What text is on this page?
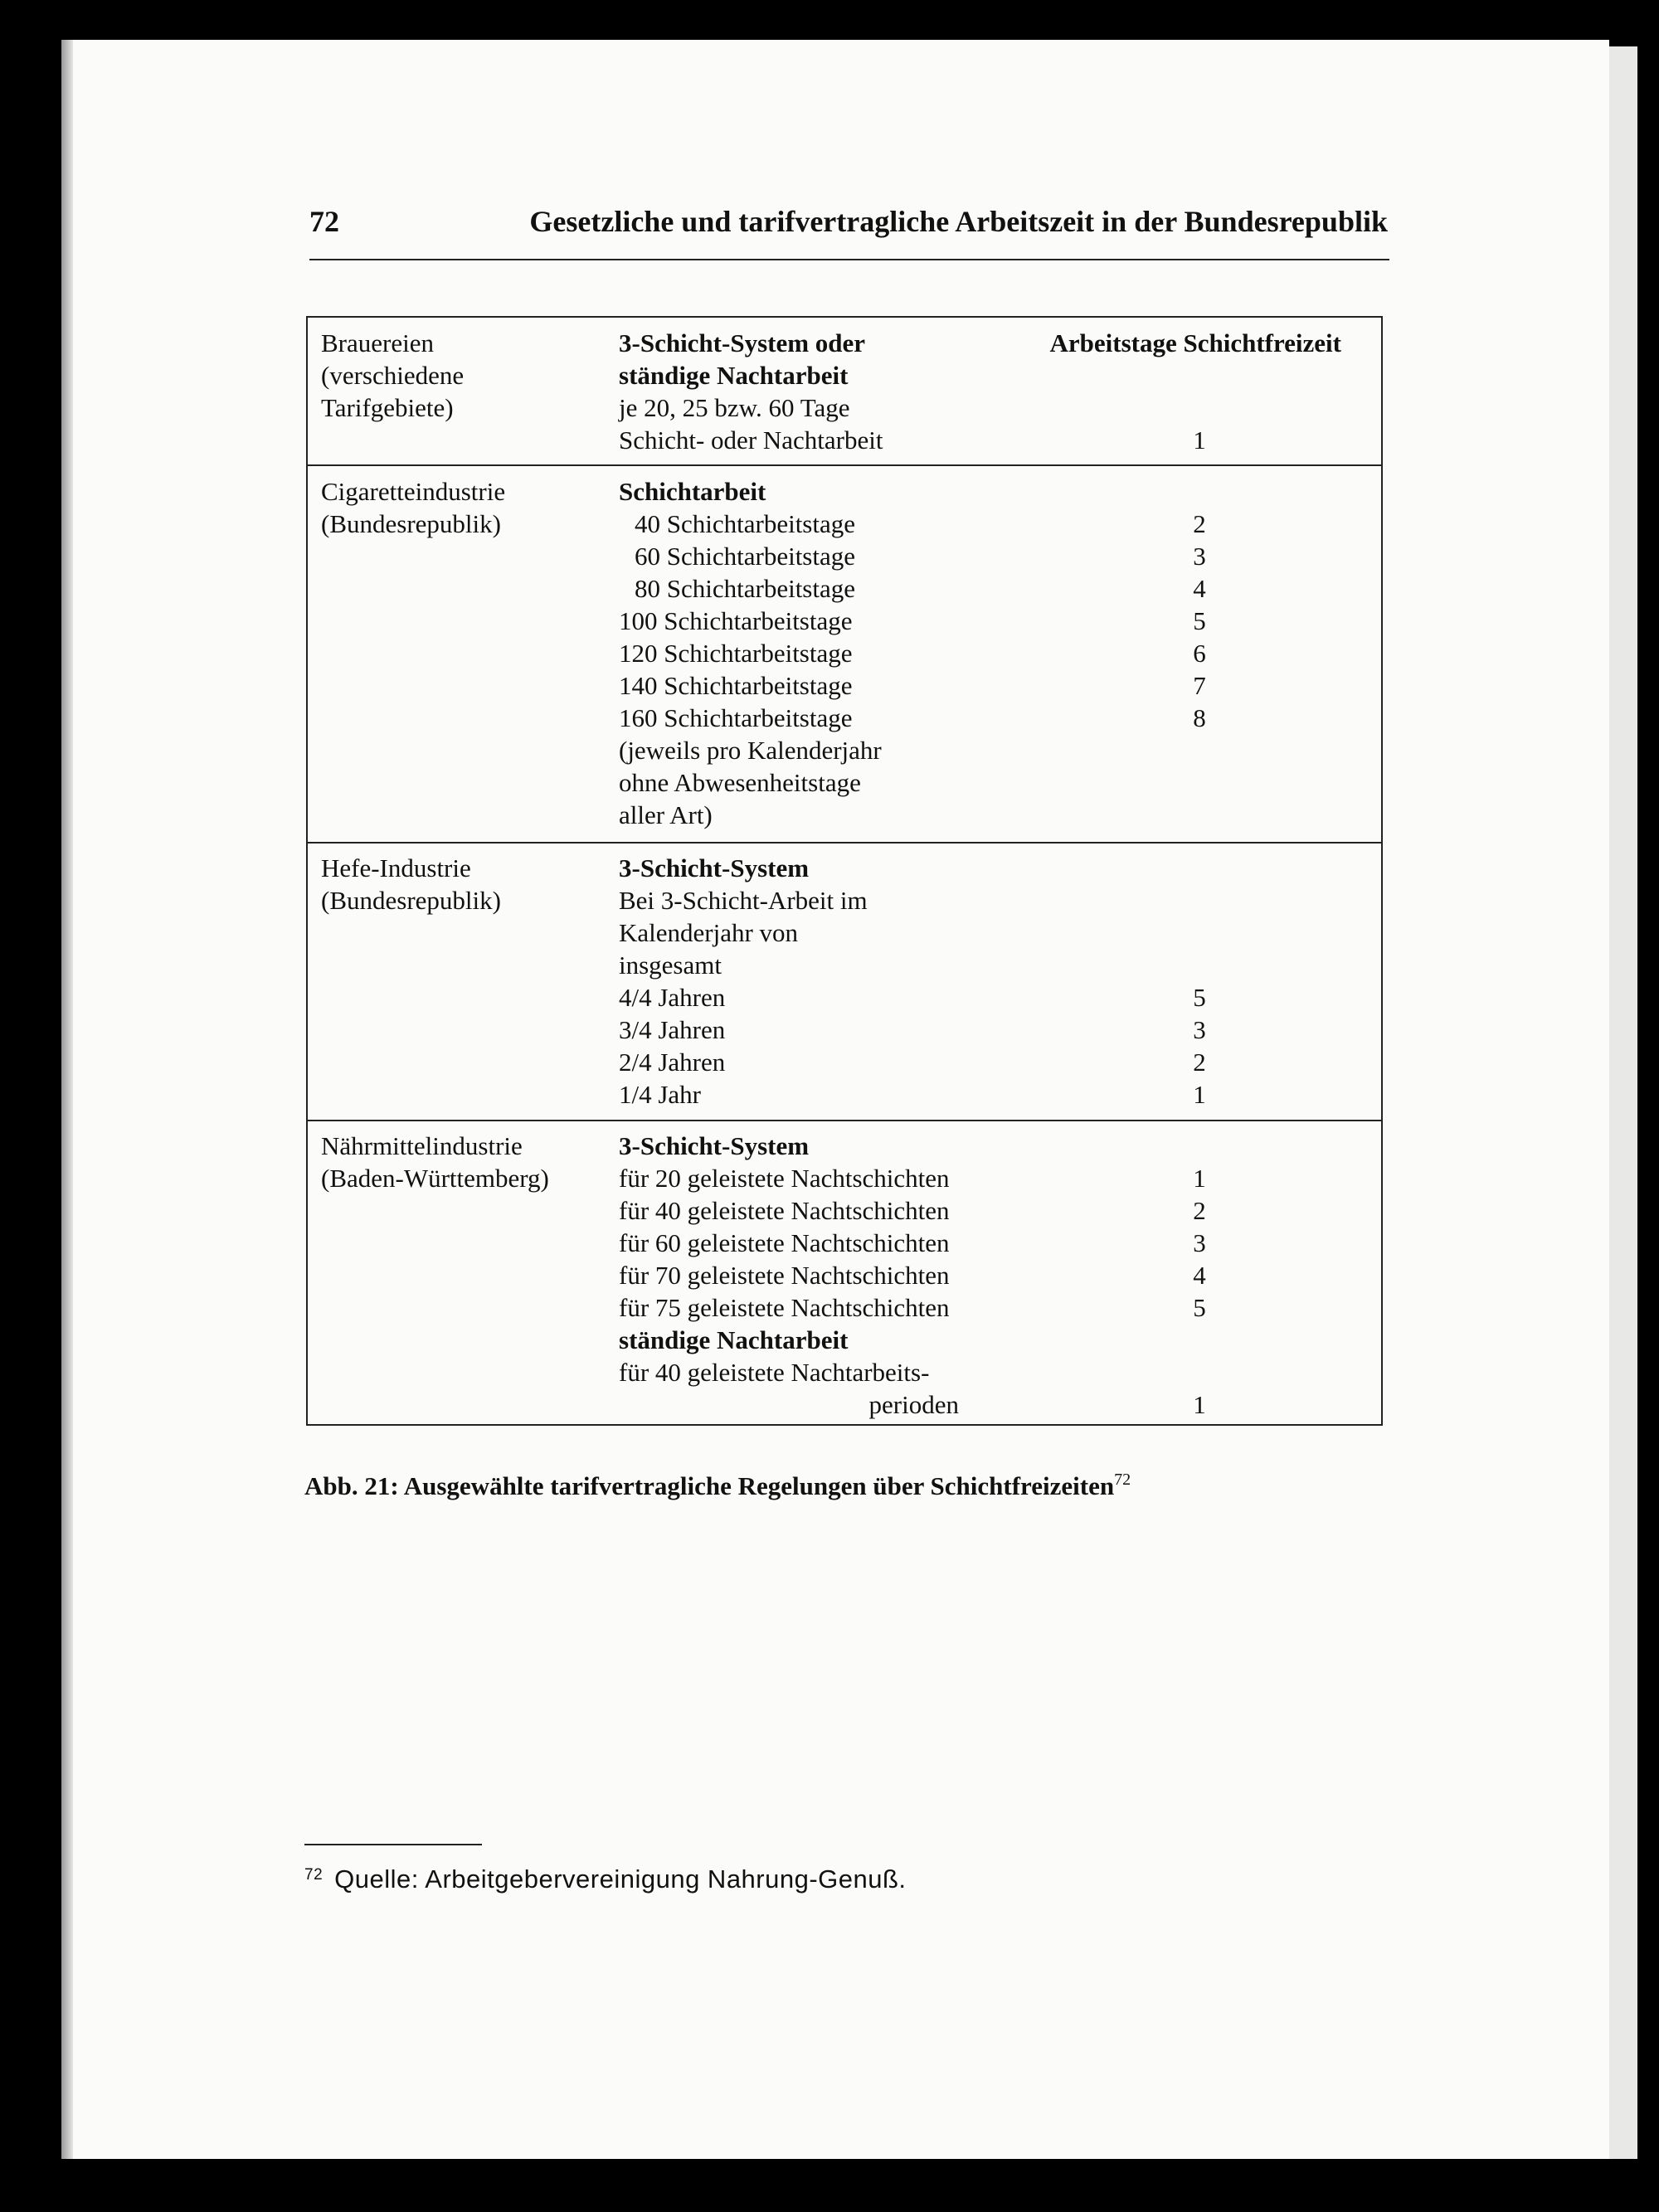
72	Gesetzliche und tarifvertragliche Arbeitszeit in der Bundesrepublik
Arbeitstage Schichtfreizeit
Brauereien
(verschiedene
Tarifgebiete)
3-Schicht-System oder
ständige Nachtarbeit
je 20, 25 bzw. 60 Tage
Schicht- oder Nachtarbeit

	1
Cigaretteindustrie
(Bundesrepublik)
Schichtarbeit
40 Schichtarbeitstage
60 Schichtarbeitstage
80 Schichtarbeitstage
100 Schichtarbeitstage
120 Schichtarbeitstage
140 Schichtarbeitstage
160 Schichtarbeitstage
(jeweils pro Kalenderjahr
ohne Abwesenheitstage
aller Art)

2
3
4
5
6
7
8
Hefe-Industrie
(Bundesrepublik)
3-Schicht-System
Bei 3-Schicht-Arbeit im
Kalenderjahr von
insgesamt
4/4 Jahren
3/4 Jahren
2/4 Jahren
1/4 Jahr

5
3
2
1
Nährmittelindustrie
(Baden-Württemberg)
3-Schicht-System
für 20 geleistete Nachtschichten
für 40 geleistete Nachtschichten
für 60 geleistete Nachtschichten
für 70 geleistete Nachtschichten
für 75 geleistete Nachtschichten
ständige Nachtarbeit
für 40 geleistete Nachtarbeits-
perioden

1
2
3
4
5

1
Abb. 21: Ausgewählte tarifvertragliche Regelungen über Schichtfreizeiten$^{72}$
$^{72}$ Quelle: Arbeitgebervereinigung Nahrung-Genuß.
